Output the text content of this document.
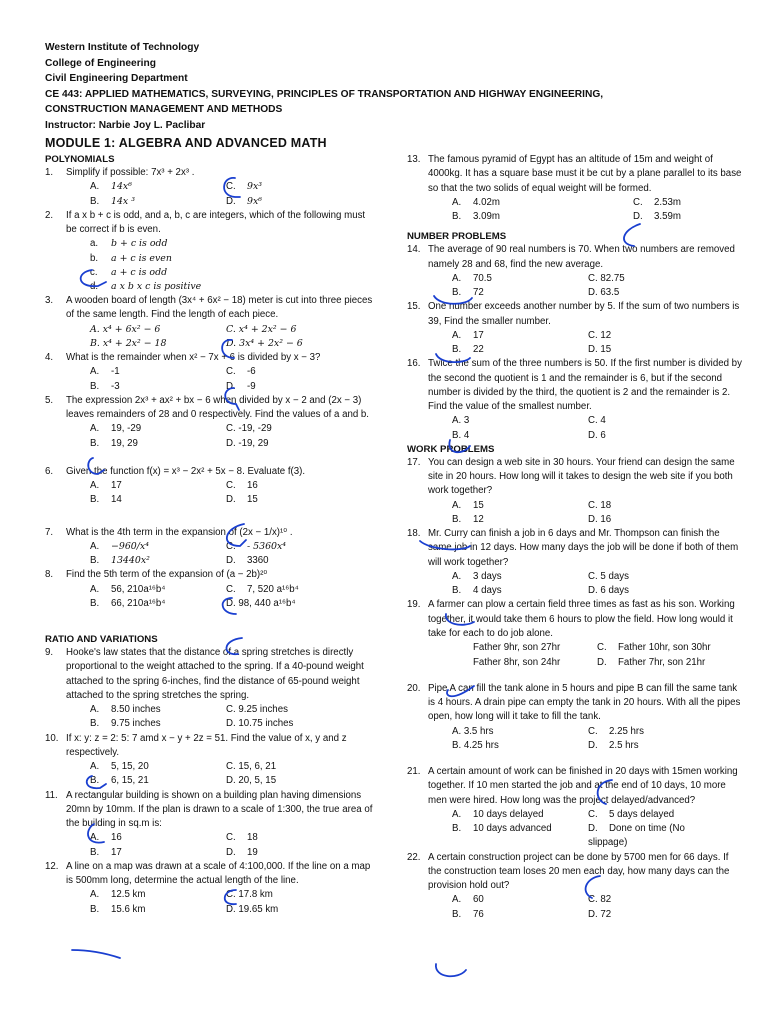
Western Institute of Technology
College of Engineering
Civil Engineering Department
CE 443: APPLIED MATHEMATICS, SURVEYING, PRINCIPLES OF TRANSPORTATION AND HIGHWAY ENGINEERING,
CONSTRUCTION MANAGEMENT AND METHODS
Instructor: Narbie Joy L. Paclibar
MODULE 1: ALGEBRA AND ADVANCED MATH
POLYNOMIALS
1.	Simplify if possible: 7x³ + 2x³ .
A. 14x⁶	C. 9x³
B. 14x ³	D. 9x⁶
2.	If a x b + c is odd, and a, b, c are integers, which of the following must be correct if b is even.
a. b + c is odd
b. a + c is even
c. a + c is odd
d. a x b x c is positive
3.	A wooden board of length (3x⁴ + 6x² − 18) meter is cut into three pieces of the same length. Find the length of each piece.
A. x⁴ + 6x² − 6	C. x⁴ + 2x² − 6
B. x⁴ + 2x² − 18	D. 3x⁴ + 2x² − 6
4.	What is the remainder when x² − 7x + 6 is divided by x − 3?
A. -1	C. -6
B. -3	D. -9
5.	The expression 2x³ + ax² + bx − 6 when divided by x − 2 and (2x − 3) leaves remainders of 28 and 0 respectively. Find the values of a and b.
A. 19, -29	C. -19, -29
B. 19, 29	D. -19, 29
6.	Given the function f(x) = x³ − 2x² + 5x − 8. Evaluate f(3).
A. 17	C. 16
B. 14	D. 15
7.	What is the 4th term in the expansion of (2x − 1/x)¹⁰ .
A. −960/x⁴	C. - 5360x⁴
B. 13440x²	D. 3360
8.	Find the 5th term of the expansion of (a − 2b)²⁰
A. 56, 210a¹⁶b⁴	C. 7, 520 a¹⁶b⁴
B. 66, 210a¹⁶b⁴	D. 98, 440 a¹⁶b⁴
RATIO AND VARIATIONS
9.	Hooke's law states that the distance of a spring stretches is directly proportional to the weight attached to the spring. If a 40-pound weight attached to the spring 6-inches, find the distance of 65-pound weight attached to the spring stretches the spring.
A. 8.50 inches	C. 9.25 inches
B. 9.75 inches	D. 10.75 inches
10. If x: y: z = 2: 5: 7 amd x − y + 2z = 51. Find the value of x, y and z respectively.
A. 5, 15, 20	C. 15, 6, 21
B. 6, 15, 21	D. 20, 5, 15
11. A rectangular building is shown on a building plan having dimensions 20mn by 10mm. If the plan is drawn to a scale of 1:300, the true area of the building in sq.m is:
A. 16	C. 18
B. 17	D. 19
12. A line on a map was drawn at a scale of 4:100,000. If the line on a map is 500mm long, determine the actual length of the line.
A. 12.5 km	C. 17.8 km
B. 15.6 km	D. 19.65 km
13. The famous pyramid of Egypt has an altitude of 15m and weight of 4000kg. It has a square base must it be cut by a plane parallel to its base so that the two solids of equal weight will be formed.
A. 4.02m	C. 2.53m
B. 3.09m	D. 3.59m
NUMBER PROBLEMS
14. The average of 90 real numbers is 70. When two numbers are removed namely 28 and 68, find the new average.
A. 70.5	C. 82.75
B. 72	D. 63.5
15. One number exceeds another number by 5. If the sum of two numbers is 39, Find the smaller number.
A. 17	C. 12
B. 22	D. 15
16. Twice the sum of the three numbers is 50. If the first number is divided by the second the quotient is 1 and the remainder is 6, but if the second number is divided by the third, the quotient is 2 and the remainder is 2. Find the value of the smallest number.
A. 3	C. 4
B. 4	D. 6
WORK PROBLEMS
17. You can design a web site in 30 hours. Your friend can design the same site in 20 hours. How long will it takes to design the web site if you both work together?
A. 15	C. 18
B. 12	D. 16
18. Mr. Curry can finish a job in 6 days and Mr. Thompson can finish the same job in 12 days. How many days the job will be done if both of them will work together?
A. 3 days	C. 5 days
B. 4 days	D. 6 days
19. A farmer can plow a certain field three times as fast as his son. Working together, it would take them 6 hours to plow the field. How long would it take for each to do job alone.
Father 9hr, son 27hr	C. Father 10hr, son 30hr
Father 8hr, son 24hr	D. Father 7hr, son 21hr
20. Pipe A can fill the tank alone in 5 hours and pipe B can fill the same tank is 4 hours. A drain pipe can empty the tank in 20 hours. With all the pipes open, how long will it take to fill the tank.
A. 3.5 hrs	C. 2.25 hrs
B. 4.25 hrs	D. 2.5 hrs
21. A certain amount of work can be finished in 20 days with 15men working together. If 10 men started the job and at the end of 10 days, 10 more men were hired. How long was the project delayed/advanced?
A. 10 days delayed	C. 5 days delayed
B. 10 days advanced	D. Done on time (No slippage)
22. A certain construction project can be done by 5700 men for 66 days. If the construction team loses 20 men each day, how many days can the provision hold out?
A. 60	C. 82
B. 76	D. 72
